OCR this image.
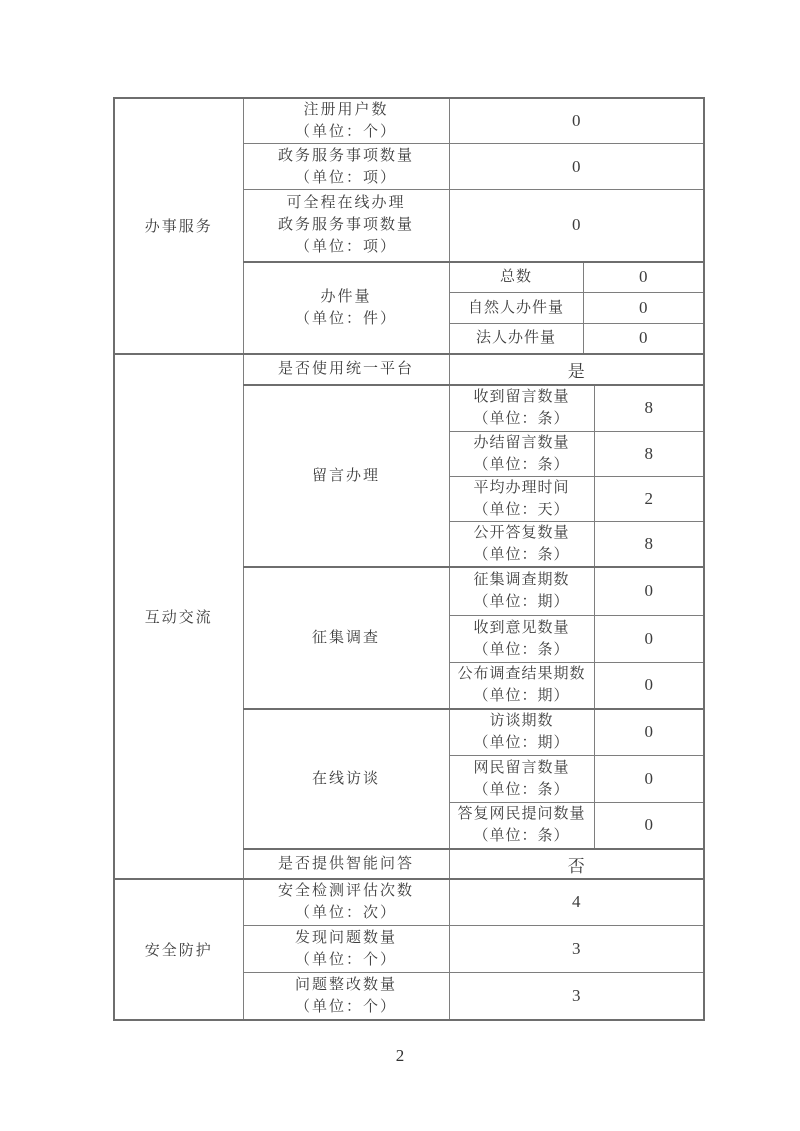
办事服务	注册用户数
（单位：个）	0		

	政务服务事项数量
（单位：项）	0		

	可全程在线办理
政务服务事项数量
（单位：项）	0		

	办件量
（单位：件）	总数	0	

		自然人办件量	0	

		法人办件量	0	
互动交流	是否使用统一平台	是		

	留言办理	收到留言数量
（单位：条）		8

		办结留言数量
（单位：条）		8

		平均办理时间
（单位：天）		2

		公开答复数量
（单位：条）		8

	征集调查	征集调查期数
（单位：期）		0

		收到意见数量
（单位：条）		0

		公布调查结果期数
（单位：期）		0

	在线访谈	访谈期数
（单位：期）		0

		网民留言数量
（单位：条）		0

		答复网民提问数量
（单位：条）		0

	是否提供智能问答	否		
安全防护	安全检测评估次数
（单位：次）	4		

	发现问题数量
（单位：个）	3		

	问题整改数量
（单位：个）	3		
2
